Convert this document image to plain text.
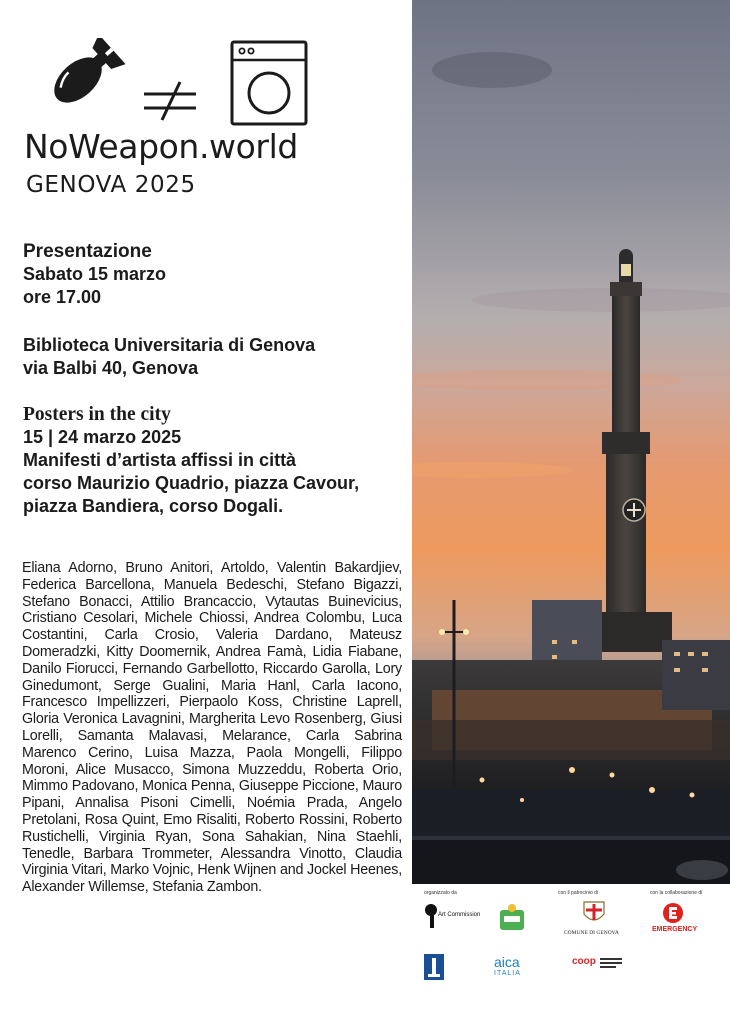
NoWeapon.world
GENOVA 2025
Presentazione
Sabato 15 marzo
ore 17.00
Biblioteca Universitaria di Genova
via Balbi 40, Genova
Posters in the city
15 | 24 marzo 2025
Manifesti d’artista affissi in città
corso Maurizio Quadrio, piazza Cavour,
piazza Bandiera, corso Dogali.
Eliana Adorno, Bruno Anitori, Artoldo, Valentin Bakardjiev, Federica Barcellona, Manuela Bedeschi, Stefano Bigazzi, Stefano Bonacci, Attilio Brancaccio, Vytautas Buinevicius, Cristiano Cesolari, Michele Chiossi, Andrea Colombu, Luca Costantini, Carla Crosio, Valeria Dardano, Mateusz Domeradzki, Kitty Doomernik, Andrea Famà, Lidia Fiabane, Danilo Fiorucci, Fernando Garbellotto, Riccardo Garolla, Lory Ginedumont, Serge Gualini, Maria Hanl, Carla Iacono, Francesco Impellizzeri, Pierpaolo Koss, Christine Laprell, Gloria Veronica Lavagnini, Margherita Levo Rosenberg, Giusi Lorelli, Samanta Malavasi, Melarance, Carla Sabrina Marenco Cerino, Luisa Mazza, Paola Mongelli, Filippo Moroni, Alice Musacco, Simona Muzzeddu, Roberta Orio, Mimmo Padovano, Monica Penna, Giuseppe Piccione, Mauro Pipani, Annalisa Pisoni Cimelli, Noémia Prada, Angelo Pretolani, Rosa Quint, Emo Risaliti, Roberto Rossini, Roberto Rustichelli, Virginia Ryan, Sona Sahakian, Nina Staehli, Tenedle, Barbara Trommeter, Alessandra Vinotto, Claudia Virginia Vitari, Marko Vojnic, Henk Wijnen and Jockel Heenes, Alexander Willemse, Stefania Zambon.	organizzato da	con il patrocinio di	con la collaborazione di
Art Commission
COMUNE DI GENOVA	EMERGENCY
aica
ITALIA
coop
